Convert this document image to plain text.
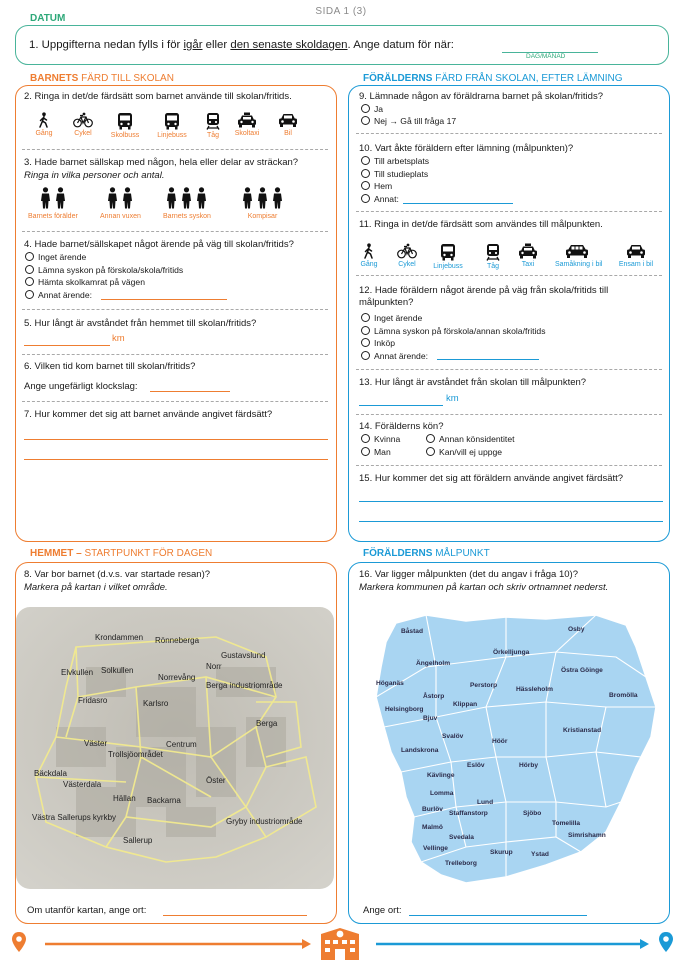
SIDA 1 (3)
DATUM
1. Uppgifterna nedan fylls i för igår eller den senaste skoldagen. Ange datum för när:
DAG/MÅNAD
BARNETS FÄRD TILL SKOLAN
2. Ringa in det/de färdsätt som barnet använde till skolan/fritids.
Gång	Cykel	Skolbuss	Linjebuss	Tåg	Skoltaxi	Bil
3. Hade barnet sällskap med någon, hela eller delar av sträckan?
Ringa in vilka personer och antal.
Barnets förälder	Annan vuxen	Barnets syskon	Kompisar
4. Hade barnet/sällskapet något ärende på väg till skolan/fritids?
Inget ärende
Lämna syskon på förskola/skola/fritids
Hämta skolkamrat på vägen
Annat ärende:
5. Hur långt är avståndet från hemmet till skolan/fritids?
km
6. Vilken tid kom barnet till skolan/fritids?
Ange ungefärligt klockslag:
7. Hur kommer det sig att barnet använde angivet färdsätt?
FÖRÄLDERNS FÄRD FRÅN SKOLAN, EFTER LÄMNING
9. Lämnade någon av föräldrarna barnet på skolan/fritids?
Ja
Nej → Gå till fråga 17
10. Vart åkte föräldern efter lämning (målpunkten)?
Till arbetsplats
Till studieplats
Hem
Annat:
11. Ringa in det/de färdsätt som användes till målpunkten.
Gång	Cykel	Linjebuss	Tåg	Taxi	Samåkning i bil	Ensam i bil
12. Hade föräldern något ärende på väg från skola/fritids till målpunkten?
Inget ärende
Lämna syskon på förskola/annan skola/fritids
Inköp
Annat ärende:
13. Hur långt är avståndet från skolan till målpunkten?
km
14. Förälderns kön?
Kvinna	Annan könsidentitet
Man	Kan/vill ej uppge
15. Hur kommer det sig att föräldern använde angivet färdsätt?
HEMMET – STARTPUNKT FÖR DAGEN
8. Var bor barnet (d.v.s. var startade resan)?
Markera på kartan i vilket område.
Krondammen Rönneberga
Gustavslund
Elvkullen Solkullen
Norrevång
Norr
Berga industriområde
Fridasro	Karlsro
Berga
Väster
Trollsjöområdet
Centrum
Bäckdala
Västerdala	Öster
Hällan Backarna
Västra Sallerups kyrkby	Gryby industriområde
Sallerup
Om utanför kartan, ange ort:
FÖRÄLDERNS MÅLPUNKT
16. Var ligger målpunkten (det du angav i fråga 10)?
Markera kommunen på kartan och skriv ortnamnet nederst.
Båstad	Osby
Örkelljunga
Ängelholm
Östra Göinge
Höganäs	Perstorp
Hässleholm
Bromölla
Åstorp
Helsingborg
Klippan
Bjuv
Kristianstad
Svalöv
Landskrona
Höör
Eslöv	Hörby
Kävlinge
Lomma
Lund
Burlöv
Staffanstorp	Sjöbo
Tomelilla
Malmö
Svedala	Simrishamn
Vellinge
Skurup	Ystad
Trelleborg
Ange ort:
